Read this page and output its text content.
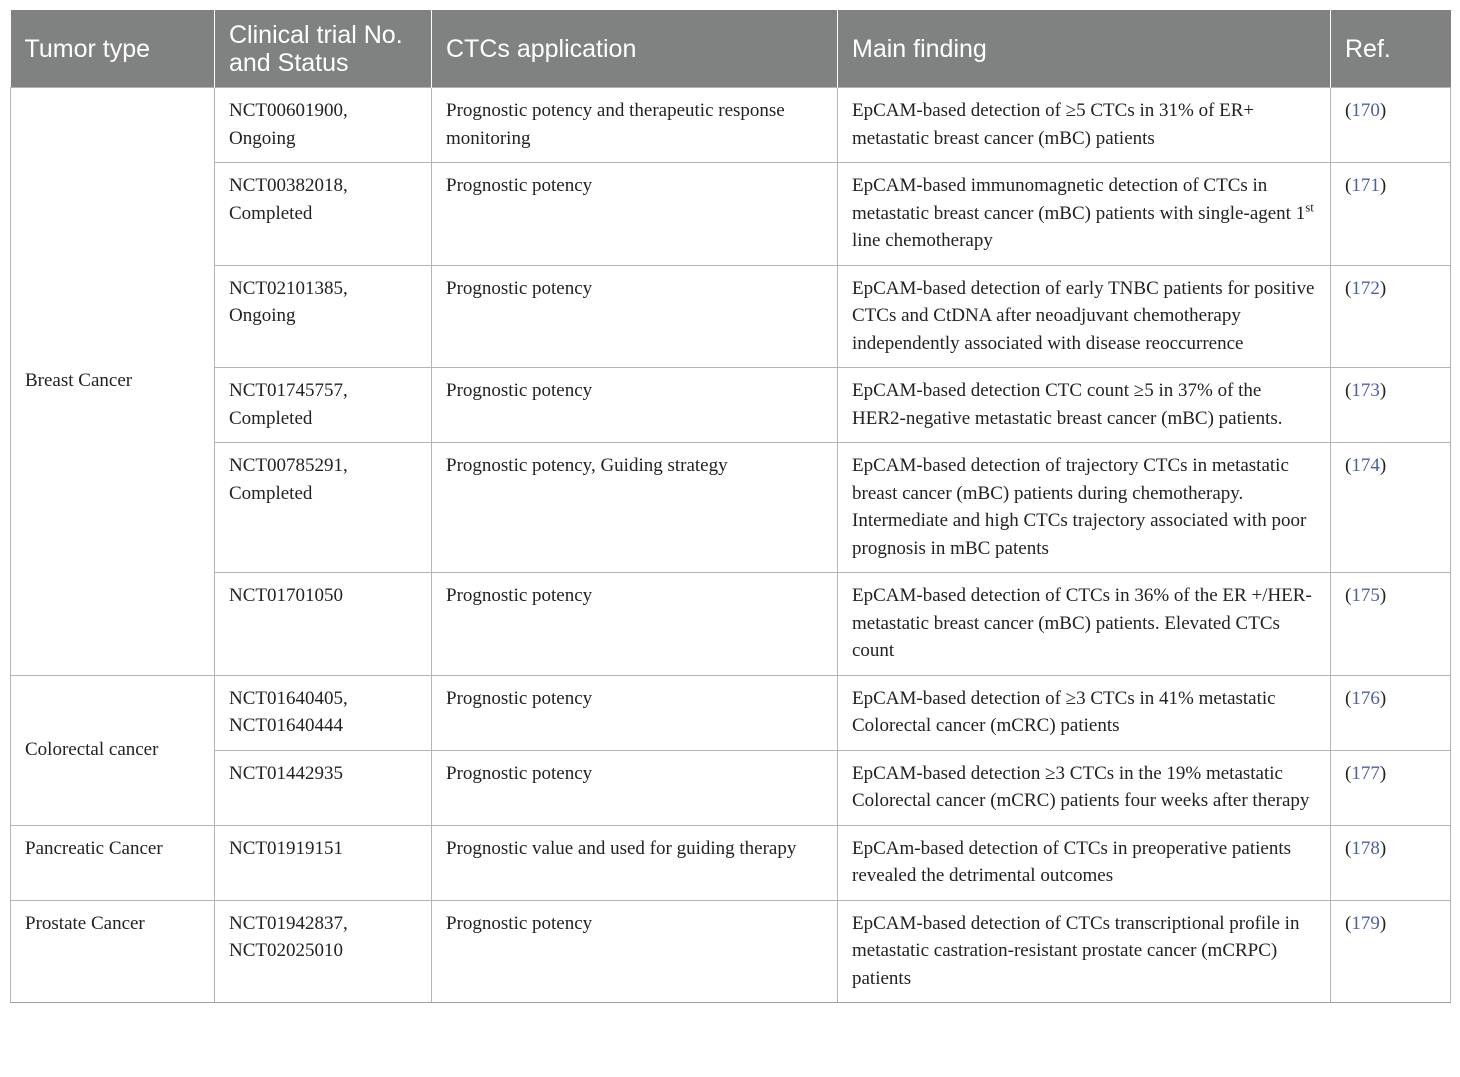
Tumor type	Clinical trial No. and Status	CTCs application	Main finding	Ref.
Breast Cancer	NCT00601900, Ongoing	Prognostic potency and therapeutic response monitoring	EpCAM-based detection of ≥5 CTCs in 31% of ER+ metastatic breast cancer (mBC) patients	(170)
	NCT00382018, Completed	Prognostic potency	EpCAM-based immunomagnetic detection of CTCs in metastatic breast cancer (mBC) patients with single-agent 1st line chemotherapy	(171)
	NCT02101385, Ongoing	Prognostic potency	EpCAM-based detection of early TNBC patients for positive CTCs and CtDNA after neoadjuvant chemotherapy independently associated with disease reoccurrence	(172)
	NCT01745757, Completed	Prognostic potency	EpCAM-based detection CTC count ≥5 in 37% of the HER2-negative metastatic breast cancer (mBC) patients.	(173)
	NCT00785291, Completed	Prognostic potency, Guiding strategy	EpCAM-based detection of trajectory CTCs in metastatic breast cancer (mBC) patients during chemotherapy. Intermediate and high CTCs trajectory associated with poor prognosis in mBC patents	(174)
	NCT01701050	Prognostic potency	EpCAM-based detection of CTCs in 36% of the ER +/HER- metastatic breast cancer (mBC) patients. Elevated CTCs count	(175)
Colorectal cancer	NCT01640405, NCT01640444	Prognostic potency	EpCAM-based detection of ≥3 CTCs in 41% metastatic Colorectal cancer (mCRC) patients	(176)
	NCT01442935	Prognostic potency	EpCAM-based detection ≥3 CTCs in the 19% metastatic Colorectal cancer (mCRC) patients four weeks after therapy	(177)
Pancreatic Cancer	NCT01919151	Prognostic value and used for guiding therapy	EpCAm-based detection of CTCs in preoperative patients revealed the detrimental outcomes	(178)
Prostate Cancer	NCT01942837, NCT02025010	Prognostic potency	EpCAM-based detection of CTCs transcriptional profile in metastatic castration-resistant prostate cancer (mCRPC) patients	(179)
